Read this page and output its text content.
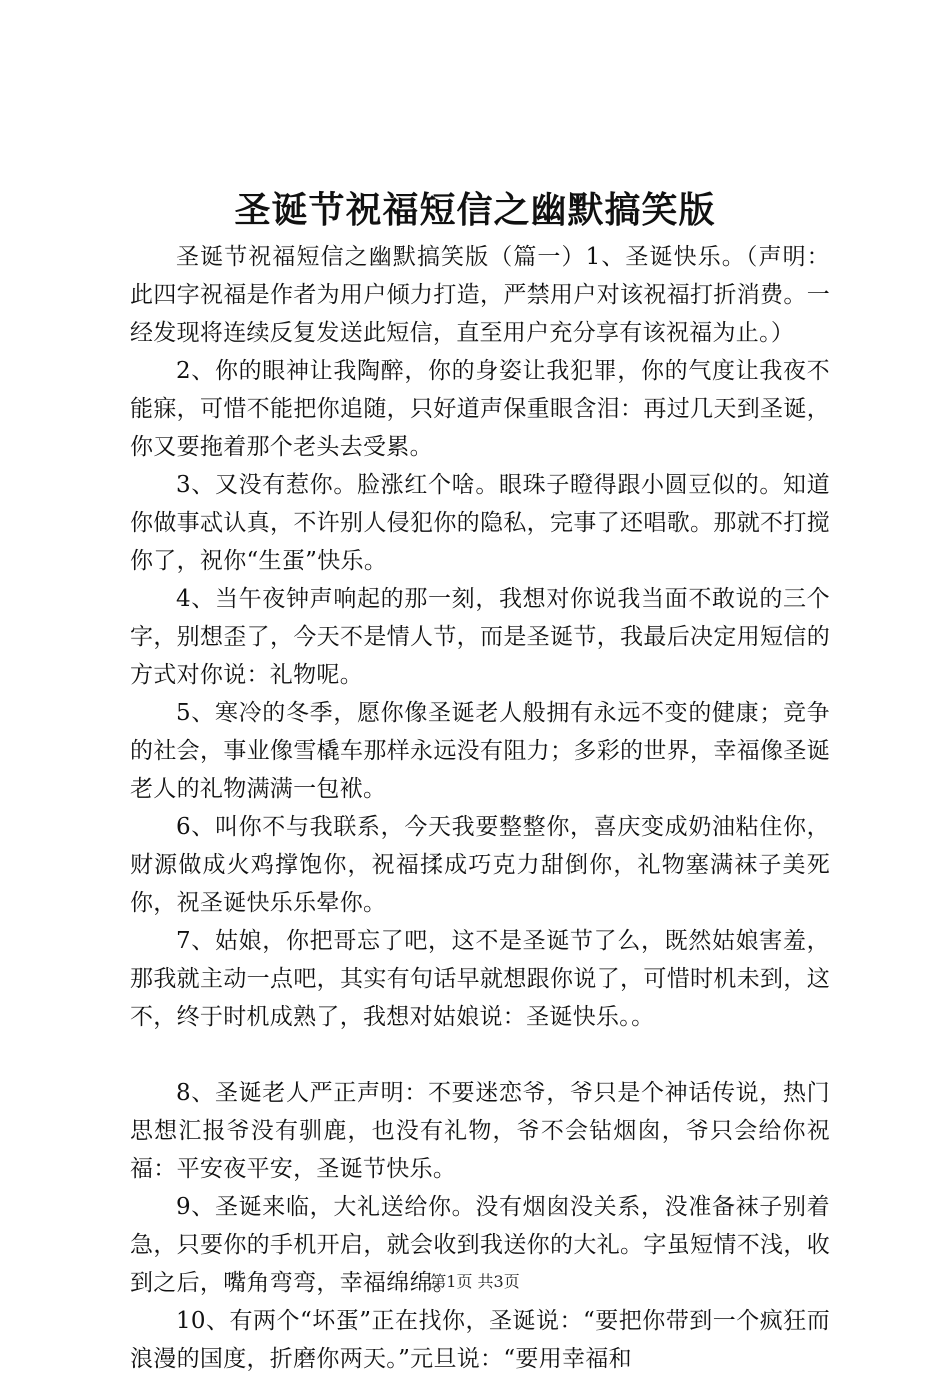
圣诞节祝福短信之幽默搞笑版

圣诞节祝福短信之幽默搞笑版（篇一）1、圣诞快乐。（声明：此四字祝福是作者为用户倾力打造，严禁用户对该祝福打折消费。一经发现将连续反复发送此短信，直至用户充分享有该祝福为止。）

2、你的眼神让我陶醉，你的身姿让我犯罪，你的气度让我夜不能寐，可惜不能把你追随，只好道声保重眼含泪：再过几天到圣诞，你又要拖着那个老头去受累。

3、又没有惹你。脸涨红个啥。眼珠子瞪得跟小圆豆似的。知道你做事忒认真，不许别人侵犯你的隐私，完事了还唱歌。那就不打搅你了，祝你“生蛋”快乐。

4、当午夜钟声响起的那一刻，我想对你说我当面不敢说的三个字，别想歪了，今天不是情人节，而是圣诞节，我最后决定用短信的方式对你说：礼物呢。

5、寒冷的冬季，愿你像圣诞老人般拥有永远不变的健康；竞争的社会，事业像雪橇车那样永远没有阻力；多彩的世界，幸福像圣诞老人的礼物满满一包袱。

6、叫你不与我联系，今天我要整整你，喜庆变成奶油粘住你，财源做成火鸡撑饱你，祝福揉成巧克力甜倒你，礼物塞满袜子美死你，祝圣诞快乐乐晕你。

7、姑娘，你把哥忘了吧，这不是圣诞节了么，既然姑娘害羞，那我就主动一点吧，其实有句话早就想跟你说了，可惜时机未到，这不，终于时机成熟了，我想对姑娘说：圣诞快乐。。

8、圣诞老人严正声明：不要迷恋爷，爷只是个神话传说，热门思想汇报爷没有驯鹿，也没有礼物，爷不会钻烟囱，爷只会给你祝福：平安夜平安，圣诞节快乐。

9、圣诞来临，大礼送给你。没有烟囱没关系，没准备袜子别着急，只要你的手机开启，就会收到我送你的大礼。字虽短情不浅，收到之后，嘴角弯弯，幸福绵绵。

10、有两个“坏蛋”正在找你，圣诞说：“要把你带到一个疯狂而浪漫的国度，折磨你两天。”元旦说：“要用幸福和

第1页 共3页
